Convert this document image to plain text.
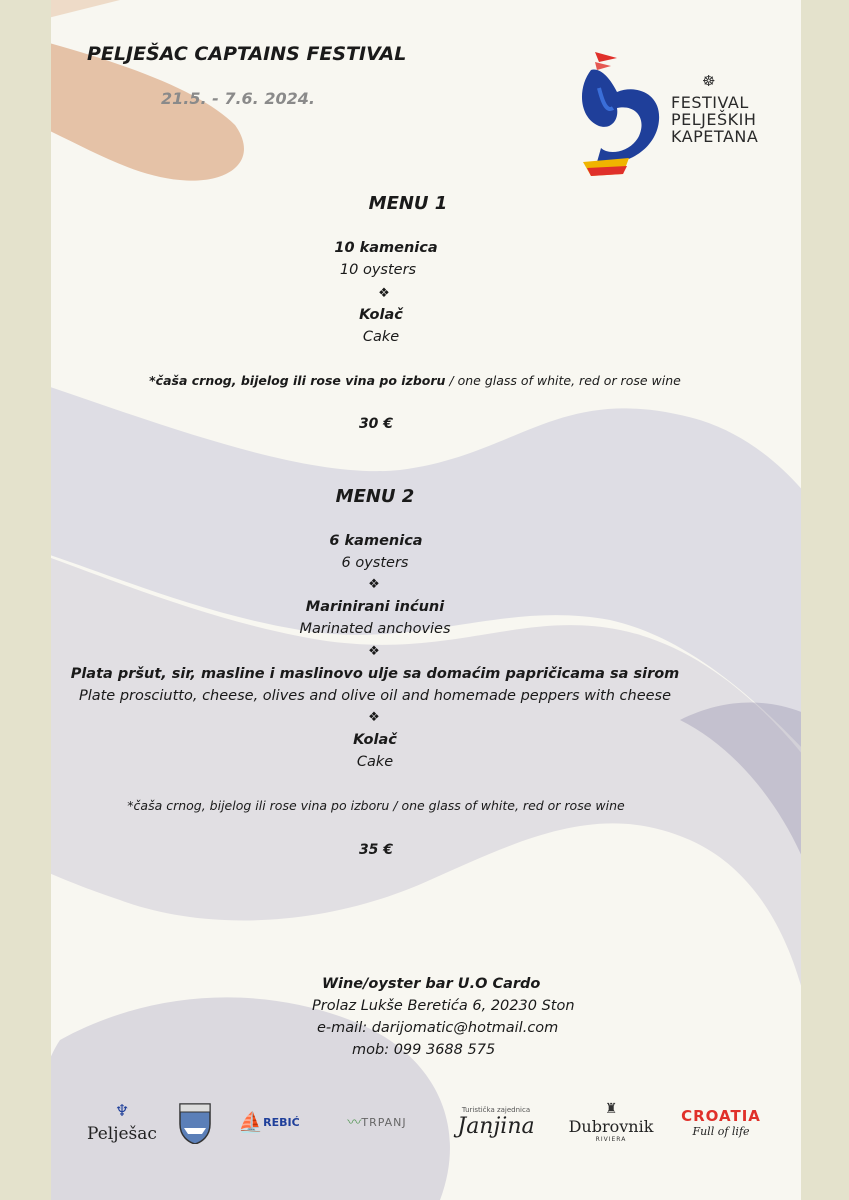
PELJEŠAC CAPTAINS FESTIVAL
21.5. - 7.6. 2024.
☸
FESTIVAL
PELJEŠKIH
KAPETANA
MENU 1
10 kamenica
10 oysters
❖
Kolač
Cake
*čaša crnog, bijelog ili rose vina po izboru / one glass of white, red or rose wine
30 €
MENU 2
6 kamenica
6 oysters
❖
Marinirani inćuni
Marinated anchovies
❖
Plata pršut, sir, masline i maslinovo ulje sa domaćim papričicama sa sirom
Plate prosciutto, cheese, olives and olive oil and homemade peppers with cheese
❖
Kolač
Cake
*čaša crnog, bijelog ili rose vina po izboru / one glass of white, red or rose wine
35 €
Wine/oyster bar U.O Cardo
Prolaz Lukše Beretića 6, 20230 Ston
e-mail: darijomatic@hotmail.com
mob: 099 3688 575
♆
Pelješac	⛵ REBIĆ	〰 TRPANJ
Turistička zajednica
Janjina
♜
Dubrovnik
RIVIERA
CROATIA
Full of life
